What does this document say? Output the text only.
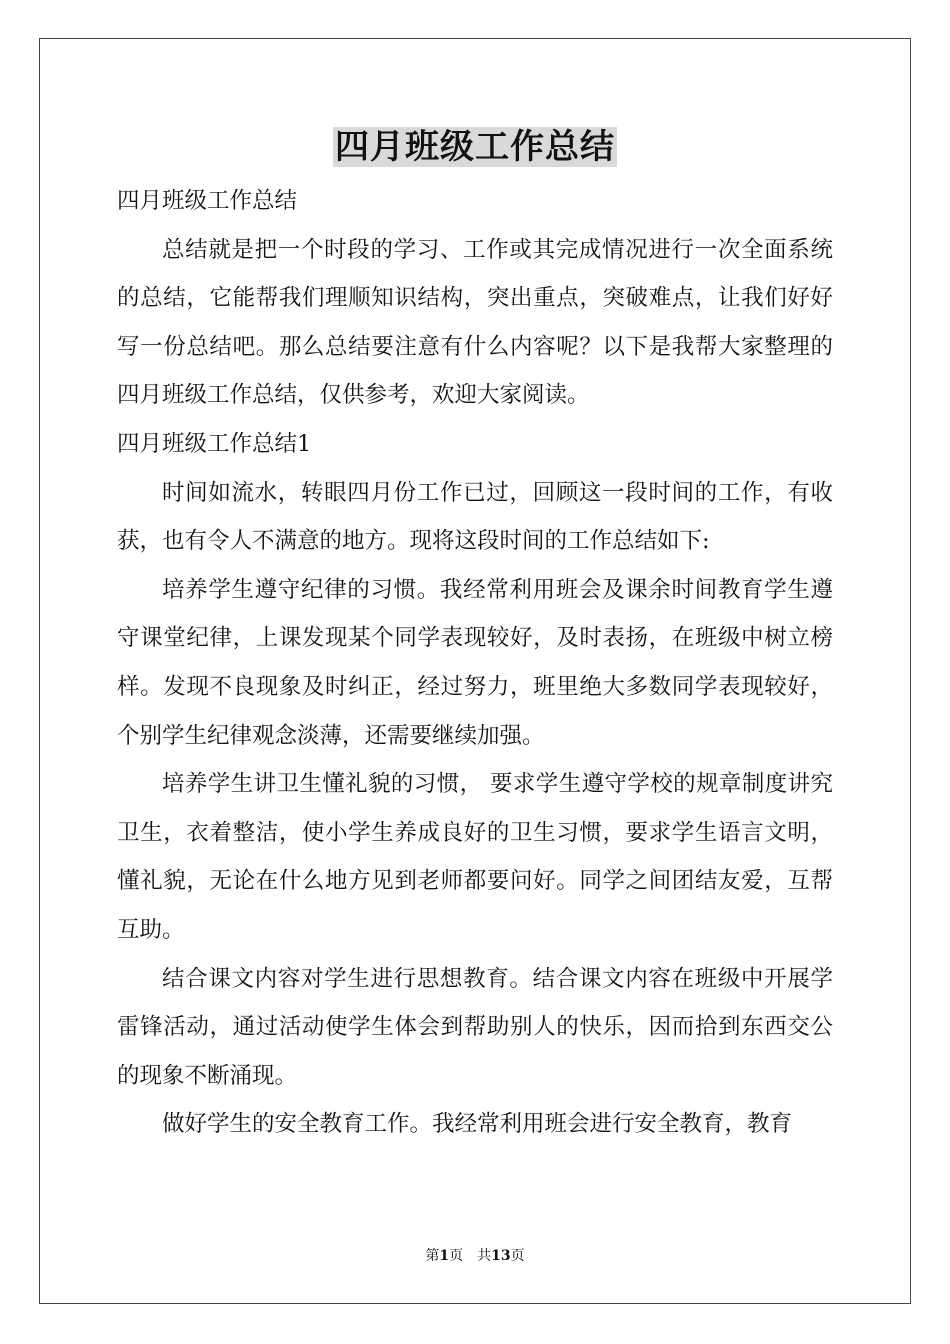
四月班级工作总结

四月班级工作总结

总结就是把一个时段的学习、工作或其完成情况进行一次全面系统的总结，它能帮我们理顺知识结构，突出重点，突破难点，让我们好好写一份总结吧。那么总结要注意有什么内容呢？以下是我帮大家整理的四月班级工作总结，仅供参考，欢迎大家阅读。

四月班级工作总结1

时间如流水，转眼四月份工作已过，回顾这一段时间的工作，有收获，也有令人不满意的地方。现将这段时间的工作总结如下:

培养学生遵守纪律的习惯。我经常利用班会及课余时间教育学生遵守课堂纪律，上课发现某个同学表现较好，及时表扬，在班级中树立榜样。发现不良现象及时纠正，经过努力，班里绝大多数同学表现较好，个别学生纪律观念淡薄，还需要继续加强。

培养学生讲卫生懂礼貌的习惯， 要求学生遵守学校的规章制度讲究卫生，衣着整洁，使小学生养成良好的卫生习惯，要求学生语言文明，懂礼貌，无论在什么地方见到老师都要问好。同学之间团结友爱，互帮互助。

结合课文内容对学生进行思想教育。结合课文内容在班级中开展学雷锋活动，通过活动使学生体会到帮助别人的快乐，因而拾到东西交公的现象不断涌现。

做好学生的安全教育工作。我经常利用班会进行安全教育，教育

第1页 共13页
